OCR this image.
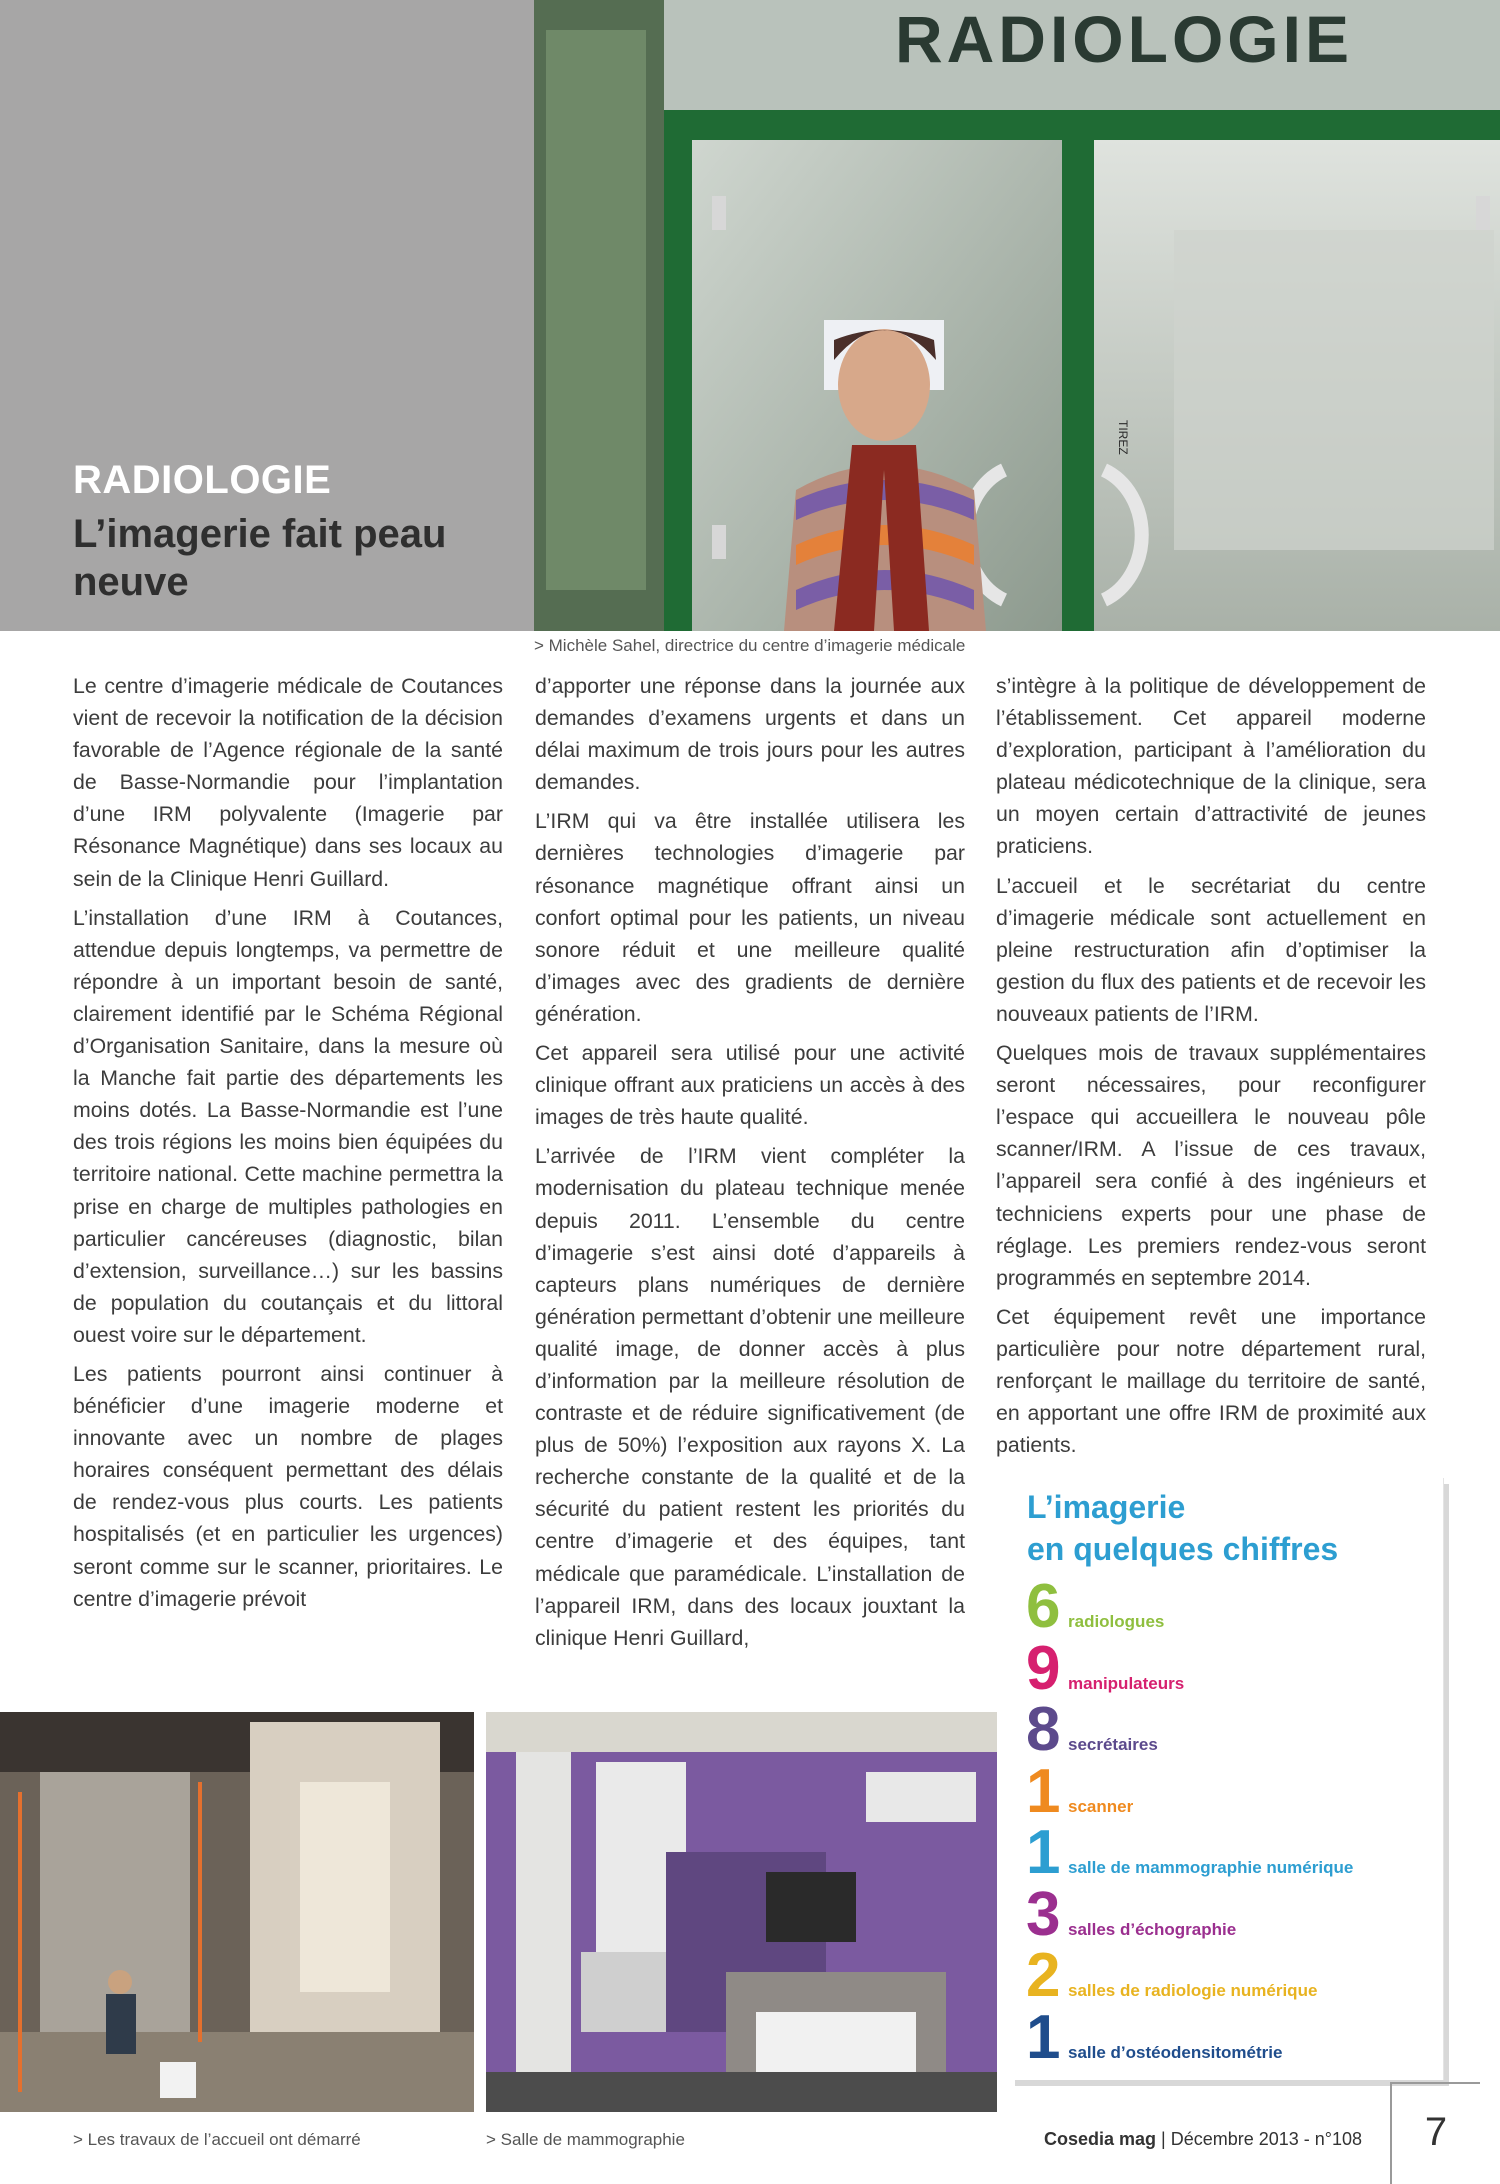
RADIOLOGIE
L’imagerie fait peau neuve
RADIOLOGIE
TIREZ
> Michèle Sahel, directrice du centre d’imagerie médicale

Le centre d’imagerie médicale de Coutances vient de recevoir la notification de la décision favorable de l’Agence régionale de la santé de Basse-Normandie pour l’implantation d’une IRM polyvalente (Imagerie par Résonance Magnétique) dans ses locaux au sein de la Clinique Henri Guillard.

L’installation d’une IRM à Coutances, attendue depuis longtemps, va permettre de répondre à un important besoin de santé, clairement identifié par le Schéma Régional d’Organisation Sanitaire, dans la mesure où la Manche fait partie des départements les moins dotés. La Basse-Normandie est l’une des trois régions les moins bien équipées du territoire national. Cette machine permettra la prise en charge de multiples pathologies en particulier cancéreuses (diagnostic, bilan d’extension, surveillance…) sur les bassins de population du coutançais et du littoral ouest voire sur le département.

Les patients pourront ainsi continuer à bénéficier d’une imagerie moderne et innovante avec un nombre de plages horaires conséquent permettant des délais de rendez-vous plus courts. Les patients hospitalisés (et en particulier les urgences) seront comme sur le scanner, prioritaires. Le centre d’imagerie prévoit

d’apporter une réponse dans la journée aux demandes d’examens urgents et dans un délai maximum de trois jours pour les autres demandes.

L’IRM qui va être installée utilisera les dernières technologies d’imagerie par résonance magnétique offrant ainsi un confort optimal pour les patients, un niveau sonore réduit et une meilleure qualité d’images avec des gradients de dernière génération.

Cet appareil sera utilisé pour une activité clinique offrant aux praticiens un accès à des images de très haute qualité.

L’arrivée de l’IRM vient compléter la modernisation du plateau technique menée depuis 2011. L’ensemble du centre d’imagerie s’est ainsi doté d’appareils à capteurs plans numériques de dernière génération permettant d’obtenir une meilleure qualité image, de donner accès à plus d’information par la meilleure résolution de contraste et de réduire significativement (de plus de 50%) l’exposition aux rayons X. La recherche constante de la qualité et de la sécurité du patient restent les priorités du centre d’imagerie et des équipes, tant médicale que paramédicale. L’installation de l’appareil IRM, dans des locaux jouxtant la clinique Henri Guillard,

s’intègre à la politique de développement de l’établissement. Cet appareil moderne d’exploration, participant à l’amélioration du plateau médicotechnique de la clinique, sera un moyen certain d’attractivité de jeunes praticiens.

L’accueil et le secrétariat du centre d’imagerie médicale sont actuellement en pleine restructuration afin d’optimiser la gestion du flux des patients et de recevoir les nouveaux patients de l’IRM.

Quelques mois de travaux supplémentaires seront nécessaires, pour reconfigurer l’espace qui accueillera le nouveau pôle scanner/IRM. A l’issue de ces travaux, l’appareil sera confié à des ingénieurs et techniciens experts pour une phase de réglage. Les premiers rendez-vous seront programmés en septembre 2014.

Cet équipement revêt une importance particulière pour notre département rural, renforçant le maillage du territoire de santé, en apportant une offre IRM de proximité aux patients.

L’imagerie
en quelques chiffres
6 radiologues
9 manipulateurs
8 secrétaires
1 scanner
1 salle de mammographie numérique
3 salles d’échographie
2 salles de radiologie numérique
1 salle d’ostéodensitométrie
> Les travaux de l’accueil ont démarré	> Salle de mammographie	Cosedia mag | Décembre 2013 - n°108	7
